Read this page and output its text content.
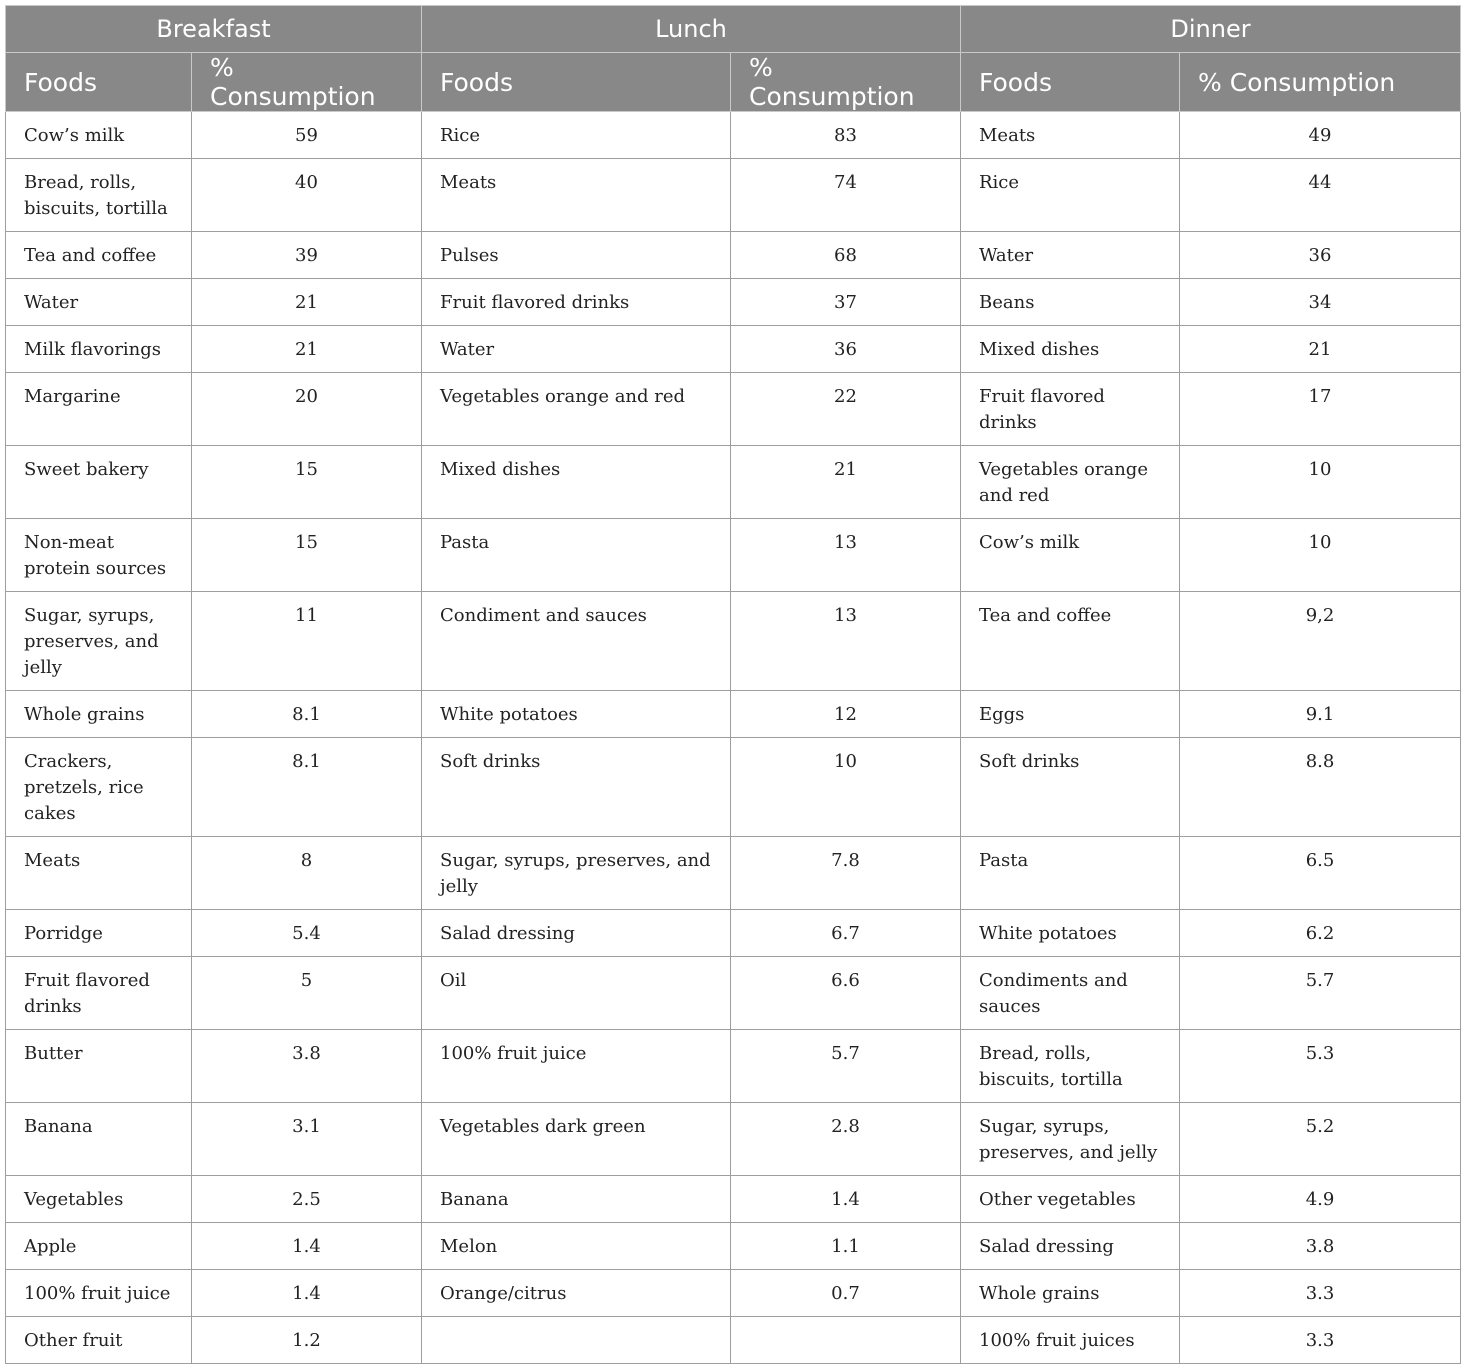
Breakfast		Lunch		Dinner	
Foods	% Consumption	Foods	% Consumption	Foods	% Consumption
Cow’s milk	59	Rice	83	Meats	49
Bread, rolls, biscuits, tortilla	40	Meats	74	Rice	44
Tea and coffee	39	Pulses	68	Water	36
Water	21	Fruit flavored drinks	37	Beans	34
Milk flavorings	21	Water	36	Mixed dishes	21
Margarine	20	Vegetables orange and red	22	Fruit flavored drinks	17
Sweet bakery	15	Mixed dishes	21	Vegetables orange and red	10
Non-meat protein sources	15	Pasta	13	Cow’s milk	10
Sugar, syrups, preserves, and jelly	11	Condiment and sauces	13	Tea and coffee	9,2
Whole grains	8.1	White potatoes	12	Eggs	9.1
Crackers, pretzels, rice cakes	8.1	Soft drinks	10	Soft drinks	8.8
Meats	8	Sugar, syrups, preserves, and jelly	7.8	Pasta	6.5
Porridge	5.4	Salad dressing	6.7	White potatoes	6.2
Fruit flavored drinks	5	Oil	6.6	Condiments and sauces	5.7
Butter	3.8	100% fruit juice	5.7	Bread, rolls, biscuits, tortilla	5.3
Banana	3.1	Vegetables dark green	2.8	Sugar, syrups, preserves, and jelly	5.2
Vegetables	2.5	Banana	1.4	Other vegetables	4.9
Apple	1.4	Melon	1.1	Salad dressing	3.8
100% fruit juice	1.4	Orange/citrus	0.7	Whole grains	3.3
Other fruit	1.2			100% fruit juices	3.3
